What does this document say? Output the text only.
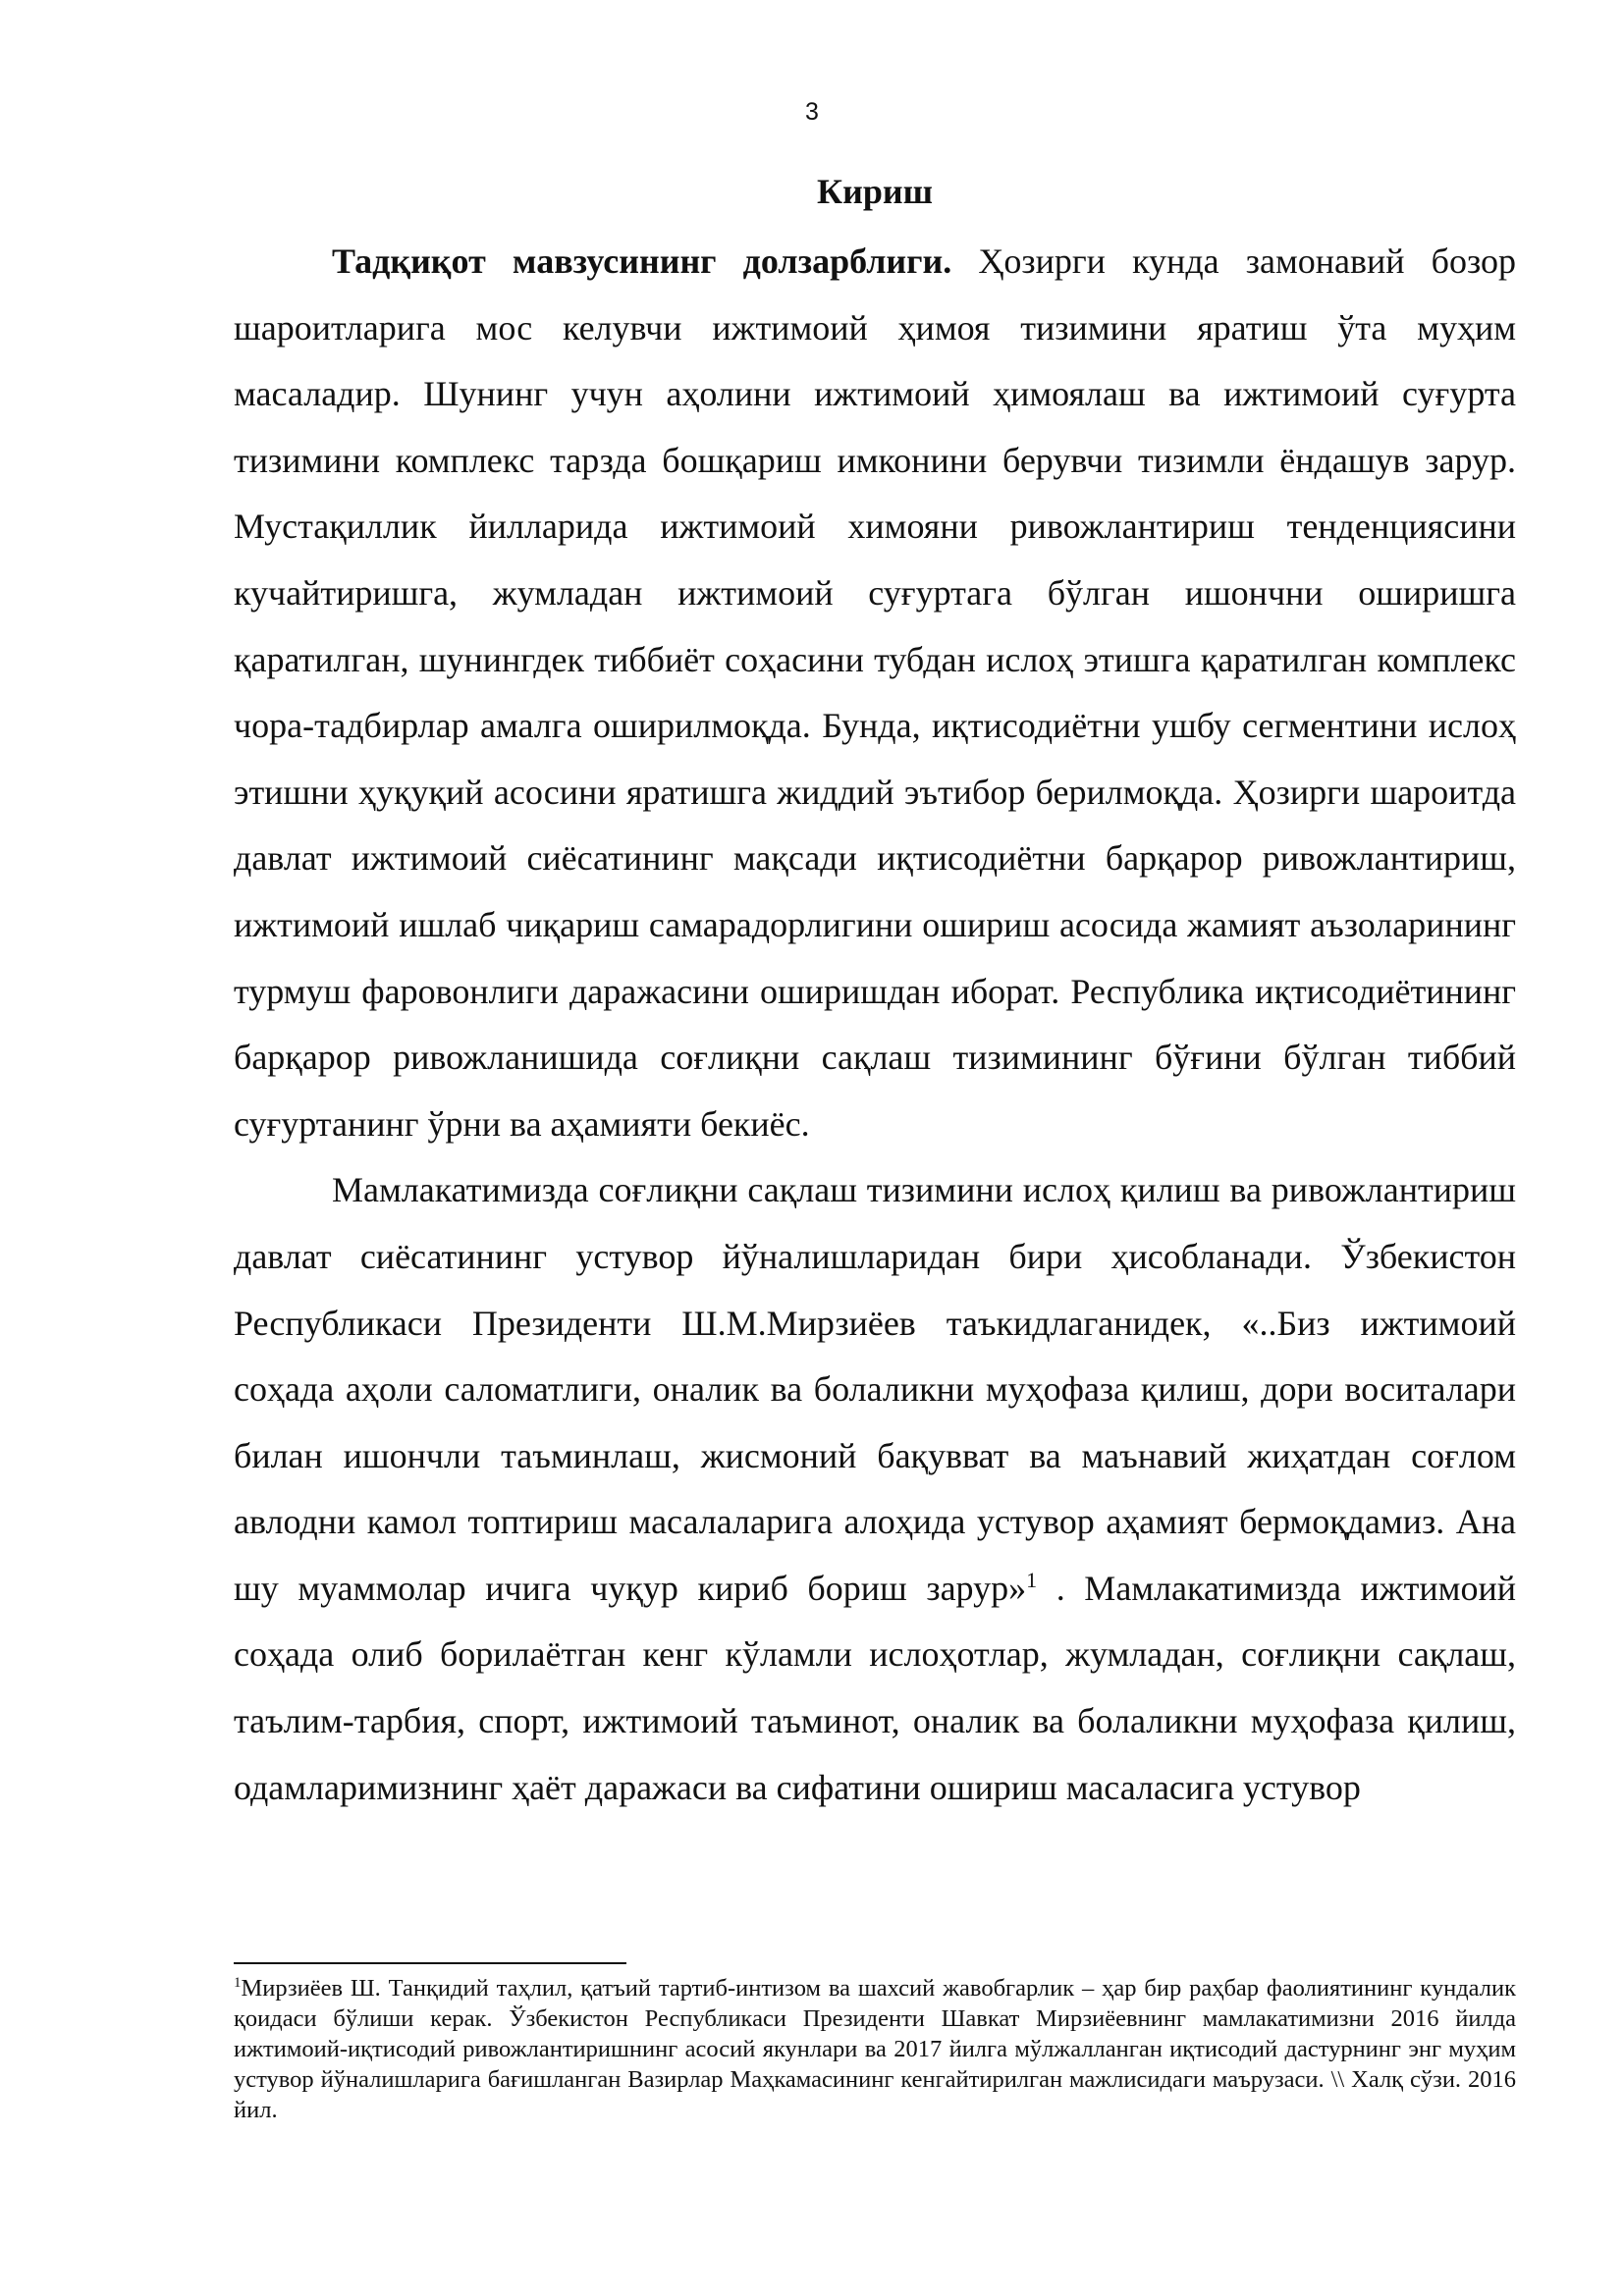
3
Кириш

Тадқиқот мавзусининг долзарблиги. Ҳозирги кунда замонавий бозор шароитларига мос келувчи ижтимоий ҳимоя тизимини яратиш ўта муҳим масаладир. Шунинг учун аҳолини ижтимоий ҳимоялаш ва ижтимоий суғурта тизимини комплекс тарзда бошқариш имконини берувчи тизимли ёндашув зарур. Мустақиллик йилларида ижтимоий химояни ривожлантириш тенденциясини кучайтиришга, жумладан ижтимоий суғуртага бўлган ишончни оширишга қаратилган, шунингдек тиббиёт соҳасини тубдан ислоҳ этишга қаратилган комплекс чора-тадбирлар амалга оширилмоқда. Бунда, иқтисодиётни ушбу сегментини ислоҳ этишни ҳуқуқий асосини яратишга жиддий эътибор берилмоқда. Ҳозирги шароитда давлат ижтимоий сиёсатининг мақсади иқтисодиётни барқарор ривожлантириш, ижтимоий ишлаб чиқариш самарадорлигини ошириш асосида жамият аъзоларининг турмуш фаровонлиги даражасини оширишдан иборат. Республика иқтисодиётининг барқарор ривожланишида соғлиқни сақлаш тизимининг бўғини бўлган тиббий суғуртанинг ўрни ва аҳамияти бекиёс.

Мамлакатимизда соғлиқни сақлаш тизимини ислоҳ қилиш ва ривожлантириш давлат сиёсатининг устувор йўналишларидан бири ҳисобланади. Ўзбекистон Республикаси Президенти Ш.М.Мирзиёев таъкидлаганидек, «..Биз ижтимоий соҳада аҳоли саломатлиги, оналик ва болаликни муҳофаза қилиш, дори воситалари билан ишончли таъминлаш, жисмоний бақувват ва маънавий жиҳатдан соғлом авлодни камол топтириш масалаларига алоҳида устувор аҳамият бермоқдамиз. Ана шу муаммолар ичига чуқур кириб бориш зарур»$^1$ . Мамлакатимизда ижтимоий соҳада олиб борилаётган кенг кўламли ислоҳотлар, жумладан, соғлиқни сақлаш, таълим-тарбия, спорт, ижтимоий таъминот, оналик ва болаликни муҳофаза қилиш, одамларимизнинг ҳаёт даражаси ва сифатини ошириш масаласига устувор

$^1$Мирзиёев Ш. Танқидий таҳлил, қатъий тартиб-интизом ва шахсий жавобгарлик – ҳар бир раҳбар фаолиятининг кундалик қоидаси бўлиши керак. Ўзбекистон Республикаси Президенти Шавкат Мирзиёевнинг мамлакатимизни 2016 йилда ижтимоий-иқтисодий ривожлантиришнинг асосий якунлари ва 2017 йилга мўлжалланган иқтисодий дастурнинг энг муҳим устувор йўналишларига бағишланган Вазирлар Маҳкамасининг кенгайтирилган мажлисидаги маърузаси. \\ Халқ сўзи. 2016 йил.
